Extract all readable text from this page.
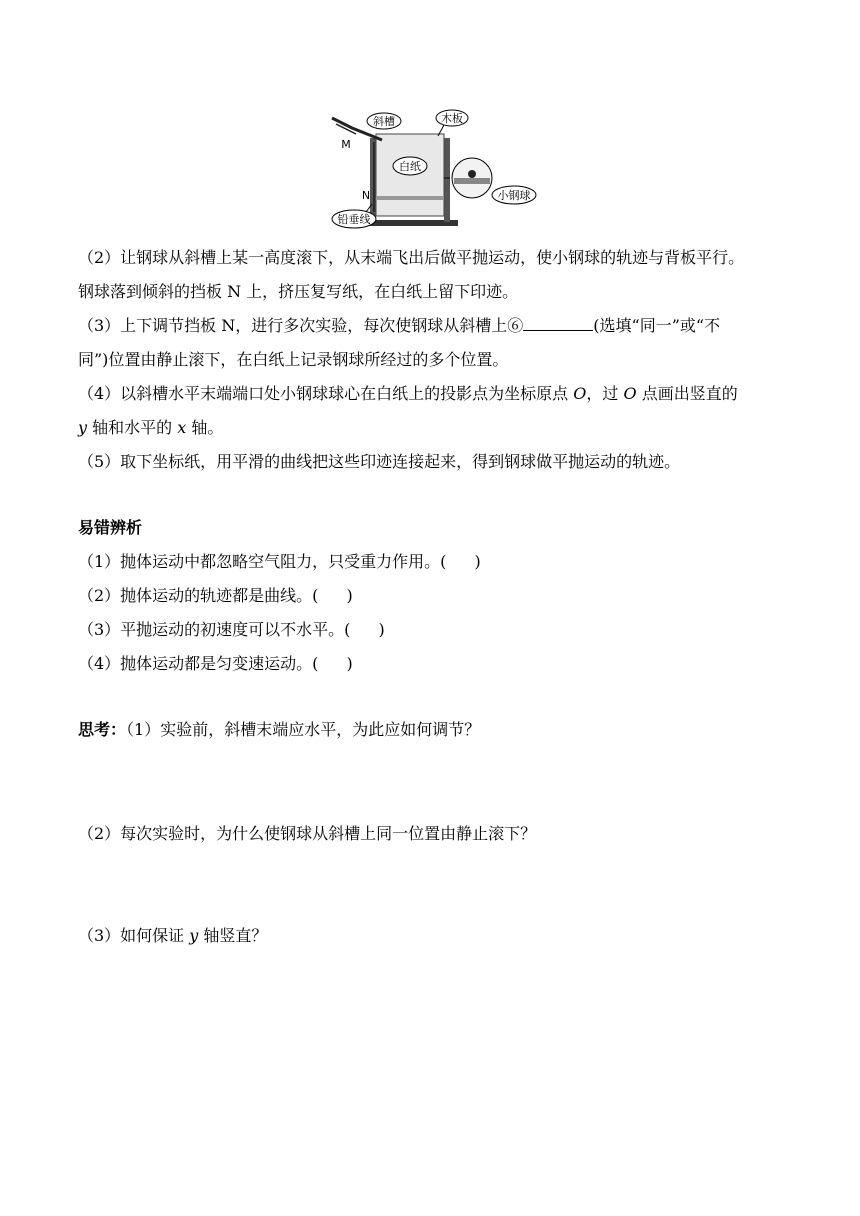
斜槽	木板
白纸
小钢球
铅垂线
M
N
（2）让钢球从斜槽上某一高度滚下，从末端飞出后做平抛运动，使小钢球的轨迹与背板平行。
钢球落到倾斜的挡板 N 上，挤压复写纸，在白纸上留下印迹。
（3）上下调节挡板 N，进行多次实验，每次使钢球从斜槽上⑥	(选填“同一”或“不
同”)位置由静止滚下，在白纸上记录钢球所经过的多个位置。
（4）以斜槽水平末端端口处小钢球球心在白纸上的投影点为坐标原点 O，过 O 点画出竖直的
y 轴和水平的 x 轴。
（5）取下坐标纸，用平滑的曲线把这些印迹连接起来，得到钢球做平抛运动的轨迹。
易错辨析
（1）抛体运动中都忽略空气阻力，只受重力作用。( )
（2）抛体运动的轨迹都是曲线。( )
（3）平抛运动的初速度可以不水平。( )
（4）抛体运动都是匀变速运动。( )
思考：（1）实验前，斜槽末端应水平，为此应如何调节？
（2）每次实验时，为什么使钢球从斜槽上同一位置由静止滚下？
（3）如何保证 y 轴竖直？
